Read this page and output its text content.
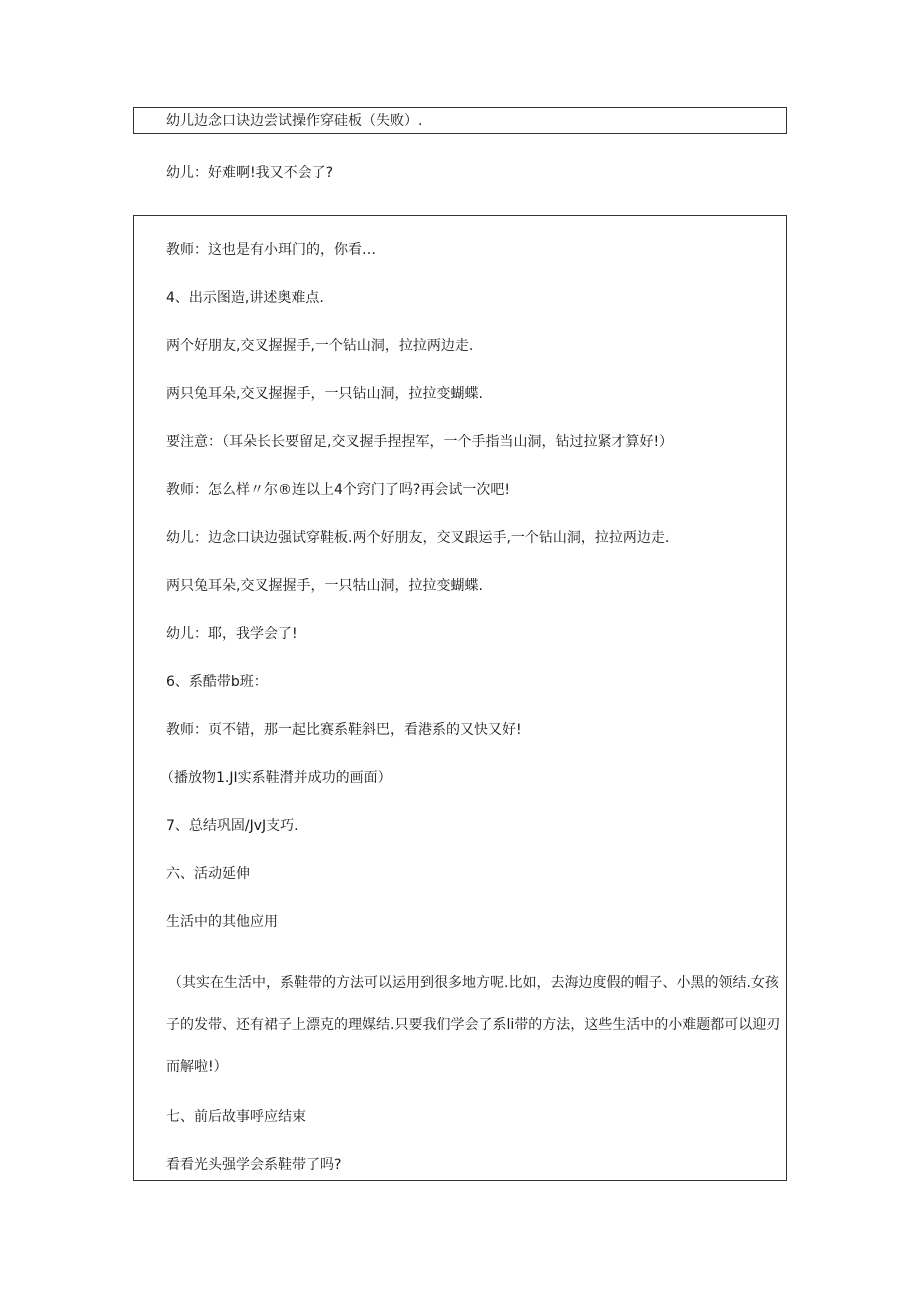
幼儿边念口诀边尝试操作穿硅板（失败）.

幼儿：好难啊!我又不会了?

教师：这也是有小珥门的，你看…

4、出示图造,讲述奥难点.

两个好朋友,交叉握握手,一个钻山洞，拉拉两边走.

两只兔耳朵,交叉握握手，一只钻山洞，拉拉变蝴蝶.

要注意：（耳朵长长要留足,交叉握手捏捏军，一个手指当山洞，钻过拉紧才算好!）

教师：怎么样〃尔®连以上4个窍门了吗?再会试一次吧!

幼儿：边念口诀边强试穿鞋板.两个好朋友，交叉跟运手,一个钻山洞，拉拉两边走.

两只兔耳朵,交叉握握手，一只牯山洞，拉拉变蝴蝶.

幼儿：耶，我学会了!

6、系酷带b班：

教师：页不错，那一起比赛系鞋斜巴，看港系的又快又好!

（播放物1.JI实系鞋潸并成功的画面）

7、总结巩固/JvJ支巧.

六、活动延伸

生活中的其他应用

（其实在生活中，系鞋带的方法可以运用到很多地方呢.比如，去海边度假的帽子、小黑的领结.女孩子的发带、还有裙子上漂克的理媒结.只要我们学会了系li带的方法，这些生活中的小难题都可以迎刃而解啦!）

七、前后故事呼应结束

看看光头强学会系鞋带了吗?
